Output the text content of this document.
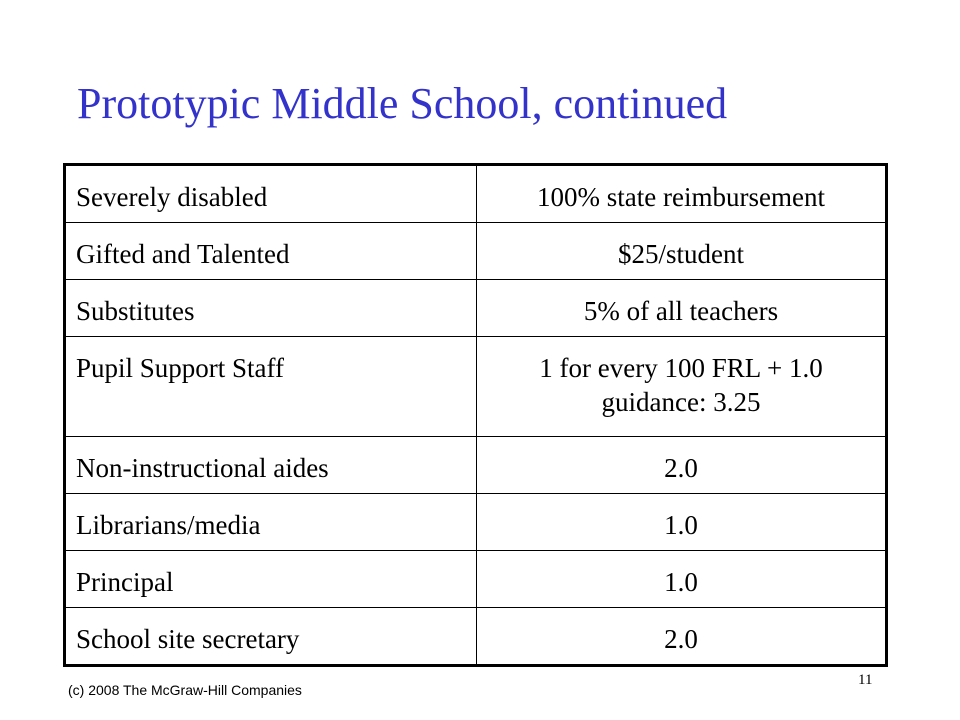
Prototypic Middle School, continued
Severely disabled	100% state reimbursement

Gifted and Talented	$25/student

Substitutes	5% of all teachers

Pupil Support Staff	1 for every 100 FRL + 1.0
guidance: 3.25

Non-instructional aides	2.0

Librarians/media	1.0

Principal	1.0

School site secretary	2.0
(c) 2008 The McGraw-Hill Companies
11
